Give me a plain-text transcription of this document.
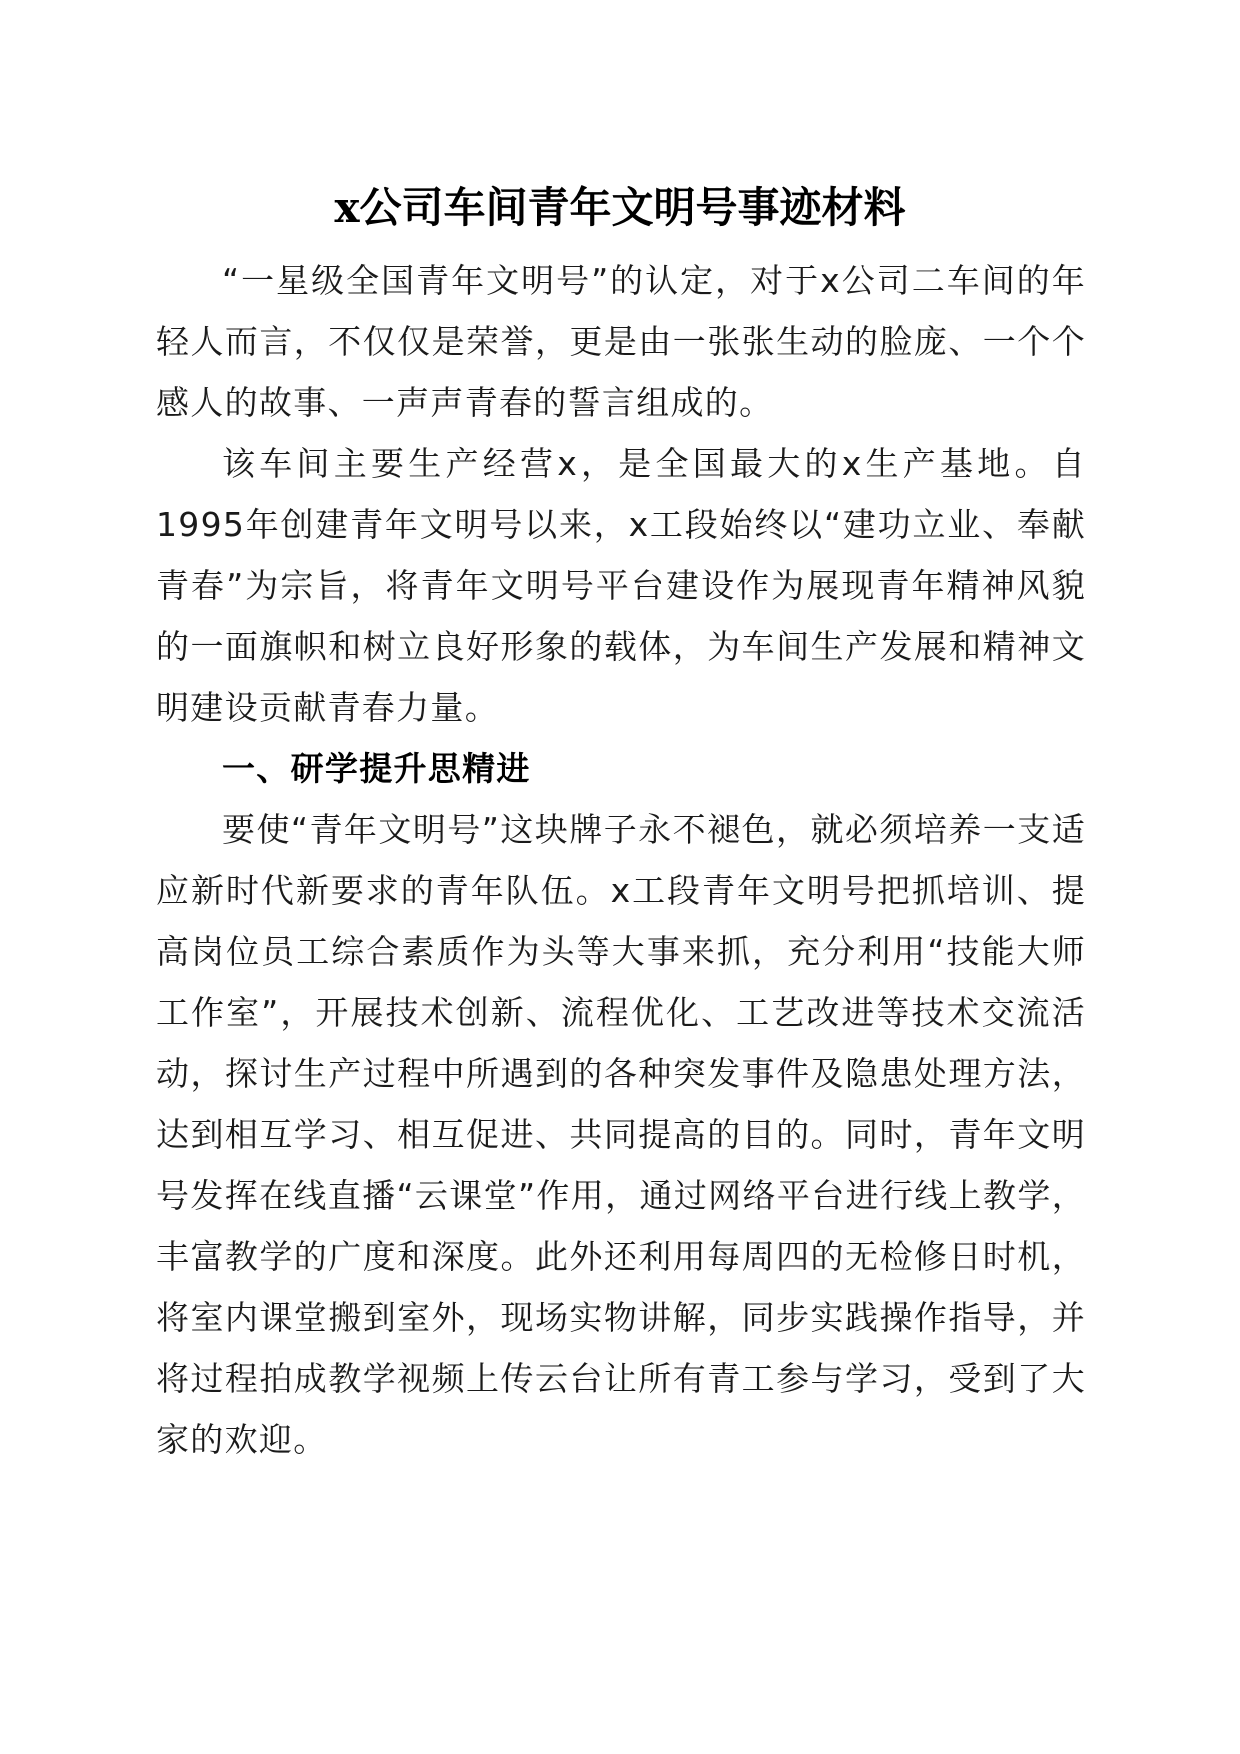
x公司车间青年文明号事迹材料

“一星级全国青年文明号”的认定，对于x公司二车间的年轻人而言，不仅仅是荣誉，更是由一张张生动的脸庞、一个个感人的故事、一声声青春的誓言组成的。

该车间主要生产经营x，是全国最大的x生产基地。自1995年创建青年文明号以来，x工段始终以“建功立业、奉献青春”为宗旨，将青年文明号平台建设作为展现青年精神风貌的一面旗帜和树立良好形象的载体，为车间生产发展和精神文明建设贡献青春力量。

一、研学提升思精进

要使“青年文明号”这块牌子永不褪色，就必须培养一支适应新时代新要求的青年队伍。x工段青年文明号把抓培训、提高岗位员工综合素质作为头等大事来抓，充分利用“技能大师工作室”，开展技术创新、流程优化、工艺改进等技术交流活动，探讨生产过程中所遇到的各种突发事件及隐患处理方法，达到相互学习、相互促进、共同提高的目的。同时，青年文明号发挥在线直播“云课堂”作用，通过网络平台进行线上教学，丰富教学的广度和深度。此外还利用每周四的无检修日时机，将室内课堂搬到室外，现场实物讲解，同步实践操作指导，并将过程拍成教学视频上传云台让所有青工参与学习，受到了大家的欢迎。
